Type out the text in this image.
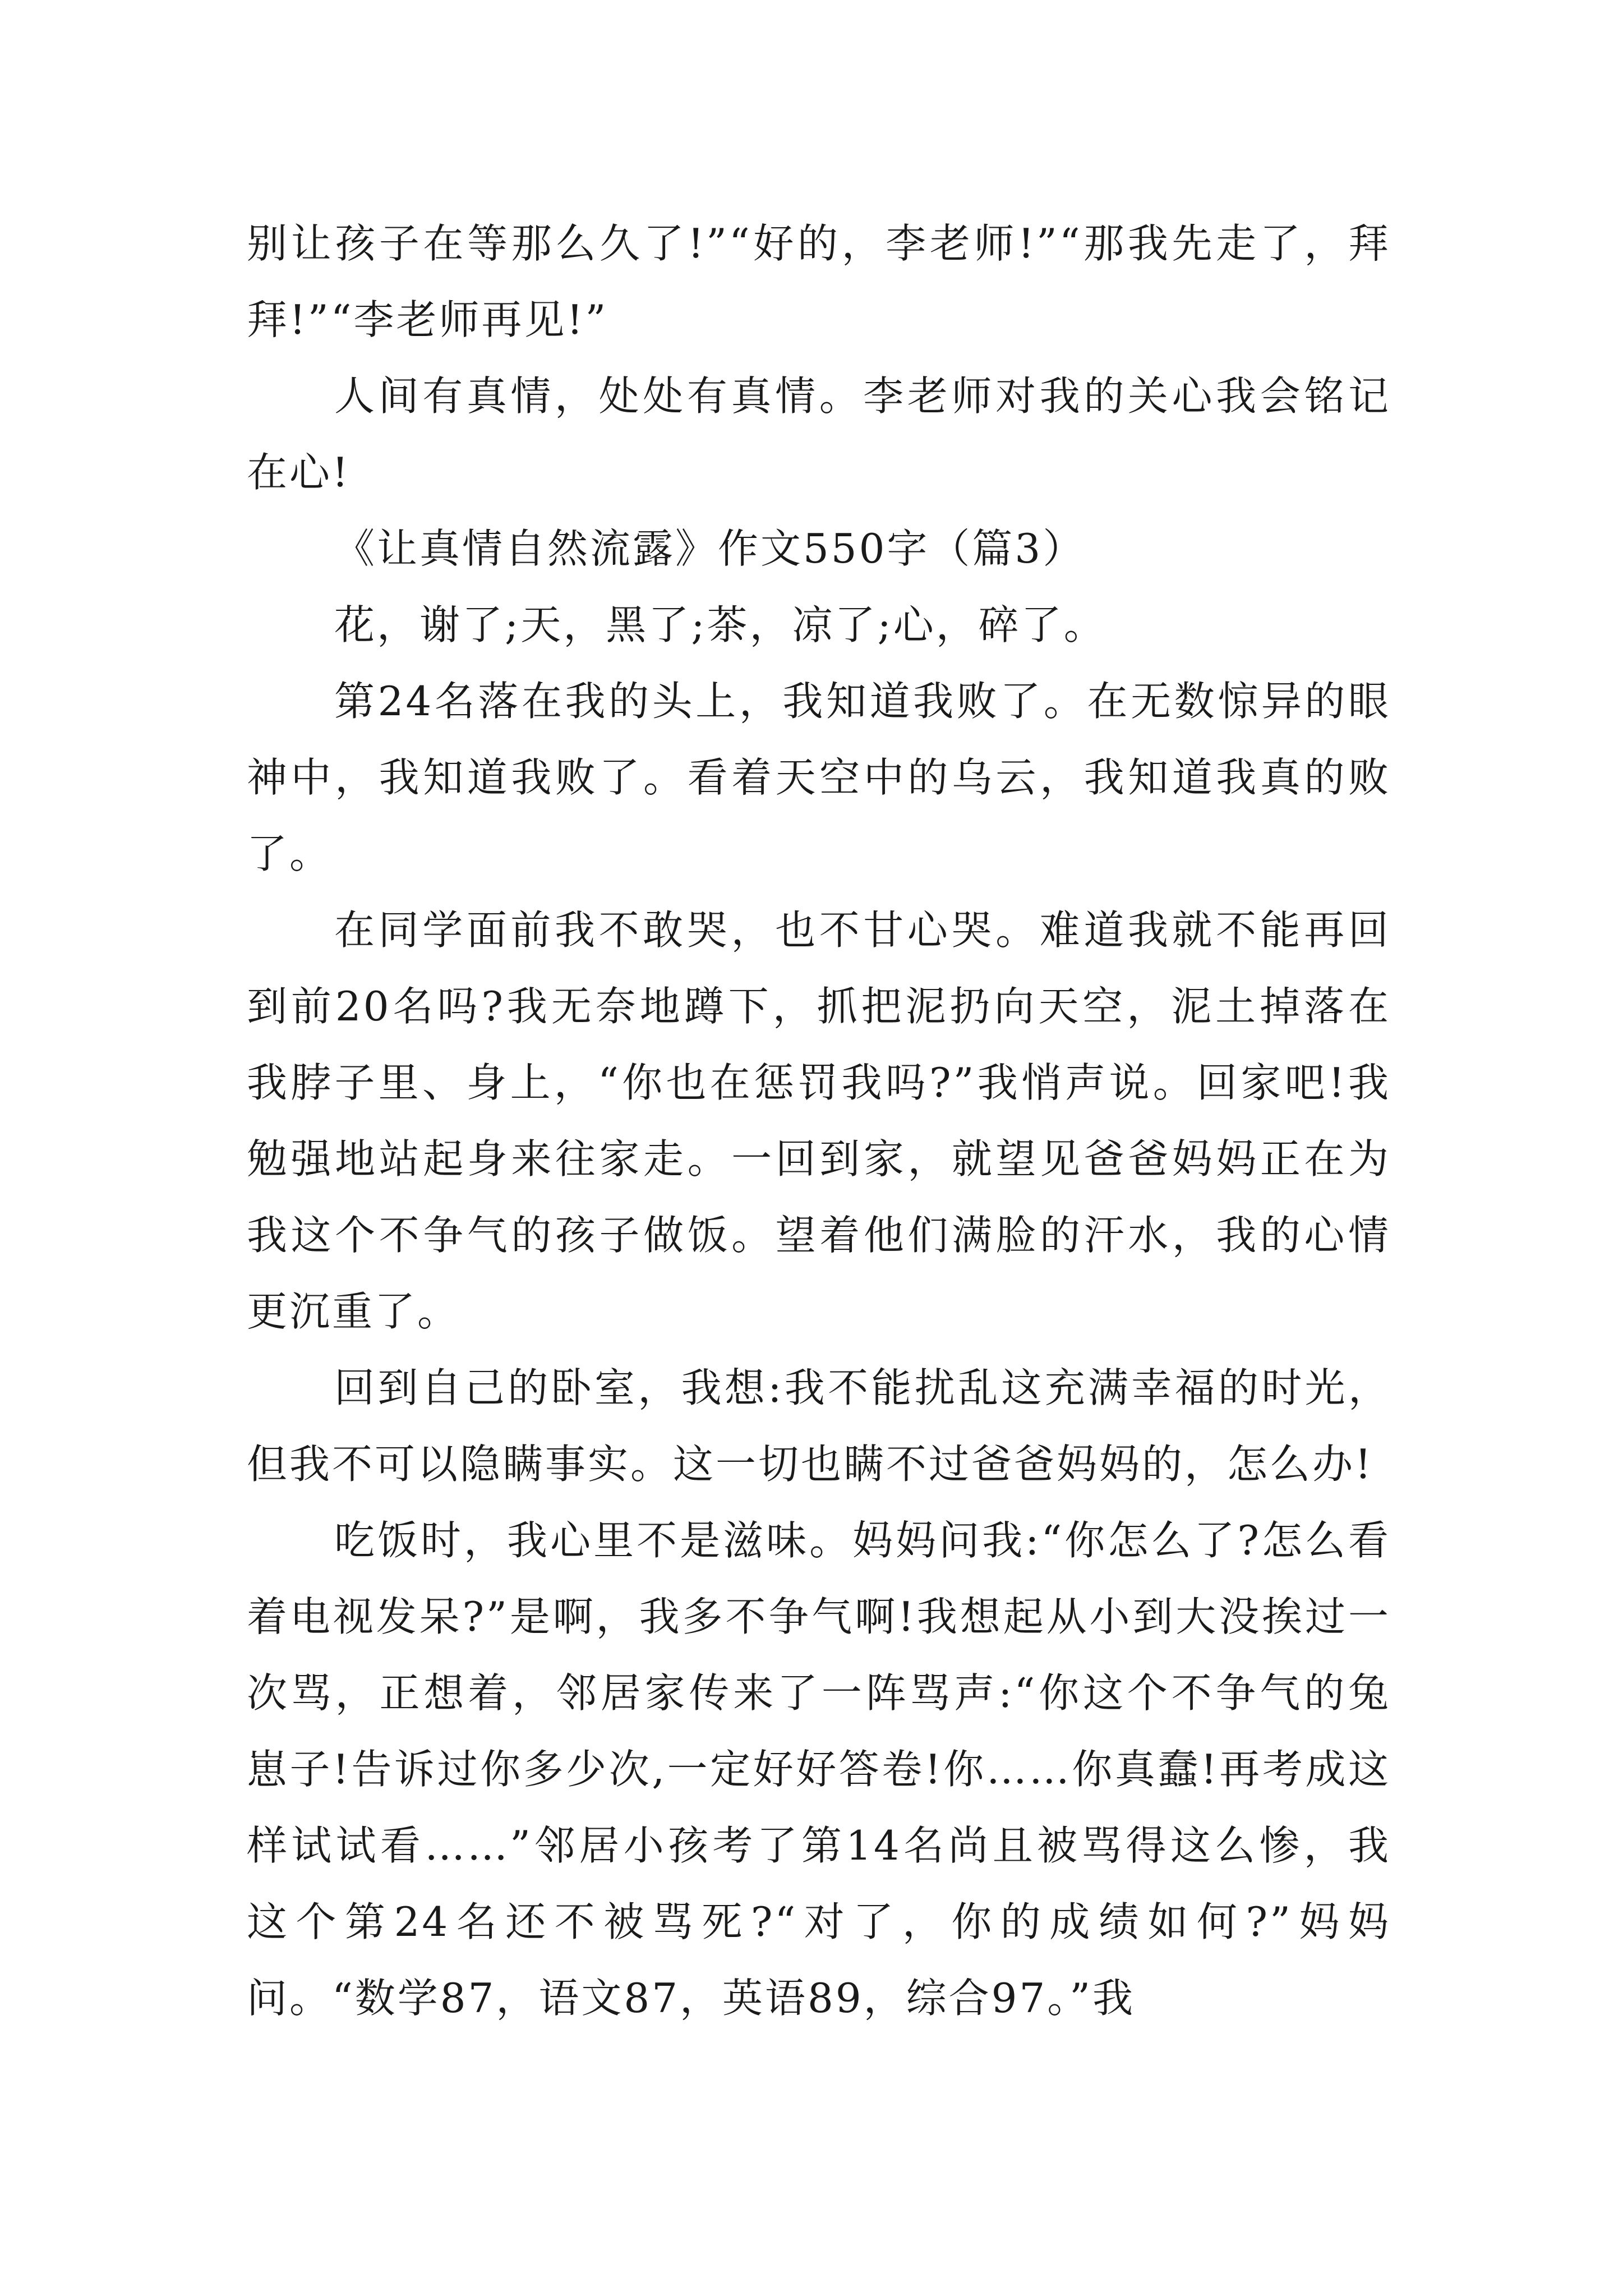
别让孩子在等那么久了!”“好的，李老师!”“那我先走了，拜拜!”“李老师再见!”

人间有真情，处处有真情。李老师对我的关心我会铭记在心!

《让真情自然流露》作文550字（篇3）

花，谢了;天，黑了;茶，凉了;心，碎了。

第24名落在我的头上，我知道我败了。在无数惊异的眼神中，我知道我败了。看着天空中的乌云，我知道我真的败了。

在同学面前我不敢哭，也不甘心哭。难道我就不能再回到前20名吗?我无奈地蹲下，抓把泥扔向天空，泥土掉落在我脖子里、身上，“你也在惩罚我吗?”我悄声说。回家吧!我勉强地站起身来往家走。一回到家，就望见爸爸妈妈正在为我这个不争气的孩子做饭。望着他们满脸的汗水，我的心情更沉重了。

回到自己的卧室，我想:我不能扰乱这充满幸福的时光，但我不可以隐瞒事实。这一切也瞒不过爸爸妈妈的，怎么办!

吃饭时，我心里不是滋味。妈妈问我:“你怎么了?怎么看着电视发呆?”是啊，我多不争气啊!我想起从小到大没挨过一次骂，正想着，邻居家传来了一阵骂声:“你这个不争气的兔崽子!告诉过你多少次,一定好好答卷!你……你真蠢!再考成这样试试看……”邻居小孩考了第14名尚且被骂得这么惨，我这个第24名还不被骂死?“对了，你的成绩如何?”妈妈问。“数学87，语文87，英语89，综合97。”我
